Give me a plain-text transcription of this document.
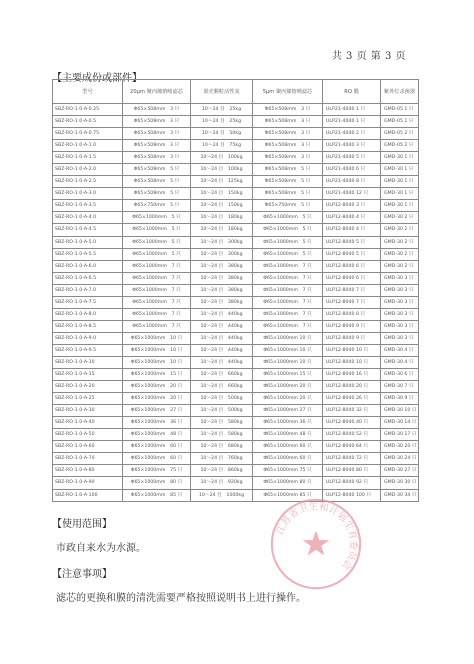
共 3 页 第 3 页
【主要成份或部件】
型号	20μm 聚丙烯熔喷滤芯	果壳颗粒活性炭	5μm 聚丙烯熔喷滤芯	RO 膜	紫外灯杀菌器
SBZ-RO-1.0-A-0.25	Φ65×508mm　3 只	10～24 目　25kg	Φ65×508mm　3 只	ULP21-4040 1 只	GMD-05 1 只
SBZ-RO-1.0-A-0.5	Φ65×508mm　3 只	10～24 目　25kg	Φ65×508mm　3 只	ULP21-4040 1 只	GMD-05 1 只
SBZ-RO-1.0-A-0.75	Φ65×508mm　3 只	10～24 目　50kg	Φ65×508mm　3 只	ULP21-4040 2 只	GMD-05 2 只
SBZ-RO-1.0-A-1.0	Φ65×508mm　3 只	10～24 目　75kg	Φ65×508mm　3 只	ULP21-4040 3 只	GMD-05 2 只
SBZ-RO-1.0-A-1.5	Φ65×508mm　3 只	10～24 目　100kg	Φ65×508mm　3 只	ULP21-4040 5 只	GMD-30 1 只
SBZ-RO-1.0-A-2.0	Φ65×508mm　5 只	10～24 目　100kg	Φ65×508mm　5 只	ULP21-4040 6 只	GMD-30 1 只
SBZ-RO-1.0-A-2.5	Φ65×508mm　5 只	10～24 目　125kg	Φ65×508mm　5 只	ULP21-4040 8 只	GMD-30 1 只
SBZ-RO-1.0-A-3.0	Φ65×508mm　5 只	10～24 目　150kg	Φ65×508mm　5 只	ULP21-4040 12 只	GMD-30 1 只
SBZ-RO-1.0-A-3.5	Φ65×750mm　5 只	10～24 目　150kg	Φ65×750mm　5 只	ULP12-8040 3 只	GMD-30 1 只
SBZ-RO-1.0-A-4.0	Φ65×1000mm　5 只	10～24 目　180kg	Φ65×1000mm　5 只	ULP12-8040 4 只	GMD-30 2 只
SBZ-RO-1.0-A-4.5	Φ65×1000mm　5 只	10～24 目　180kg	Φ65×1000mm　5 只	ULP12-8040 4 只	GMD-30 2 只
SBZ-RO-1.0-A-5.0	Φ65×1000mm　5 只	10～24 目　300kg	Φ65×1000mm　5 只	ULP12-8040 5 只	GMD-30 2 只
SBZ-RO-1.0-A-5.5	Φ65×1000mm　5 只	10～24 目　300kg	Φ65×1000mm　5 只	ULP12-8040 5 只	GMD-30 2 只
SBZ-RO-1.0-A-6.0	Φ65×1000mm　7 只	10～24 目　380kg	Φ65×1000mm　7 只	ULP12-8040 6 只	GMD-30 2 只
SBZ-RO-1.0-A-6.5	Φ65×1000mm　7 只	10～24 目　380kg	Φ65×1000mm　7 只	ULP12-8040 6 只	GMD-30 3 只
SBZ-RO-1.0-A-7.0	Φ65×1000mm　7 只	10～24 目　380kg	Φ65×1000mm　7 只	ULP12-8040 7 只	GMD-30 3 只
SBZ-RO-1.0-A-7.5	Φ65×1000mm　7 只	10～24 目　380kg	Φ65×1000mm　7 只	ULP12-8040 7 只	GMD-30 3 只
SBZ-RO-1.0-A-8.0	Φ65×1000mm　7 只	10～24 目　440kg	Φ65×1000mm　7 只	ULP12-8040 8 只	GMD-30 3 只
SBZ-RO-1.0-A-8.5	Φ65×1000mm　7 只	10～24 目　440kg	Φ65×1000mm　7 只	ULP12-8040 9 只	GMD-30 3 只
SBZ-RO-1.0-A-9.0	Φ65×1000mm　10 只	10～24 目　440kg	Φ65×1000mm 10 只	ULP12-8040 9 只	GMD-30 3 只
SBZ-RO-1.0-A-9.5	Φ65×1000mm　10 只	10～24 目　440kg	Φ65×1000mm 10 只	ULP12-8040 10 只	GMD-30 4 只
SBZ-RO-1.0-A-10	Φ65×1000mm　10 只	10～24 目　440kg	Φ65×1000mm 10 只	ULP12-8040 10 只	GMD-30 4 只
SBZ-RO-1.0-A-15	Φ65×1000mm　15 只	10～24 目　660kg	Φ65×1000mm 15 只	ULP12-8040 16 只	GMD-30 6 只
SBZ-RO-1.0-A-20	Φ65×1000mm　20 只	10～24 目　660kg	Φ65×1000mm 20 只	ULP12-8040 20 只	GMD-30 7 只
SBZ-RO-1.0-A-25	Φ65×1000mm　20 只	10～24 目　500kg	Φ65×1000mm 20 只	ULP12-8040 26 只	GMD-30 9 只
SBZ-RO-1.0-A-30	Φ65×1000mm　27 只	10～24 目　500kg	Φ65×1000mm 27 只	ULP12-8040 32 只	GMD-30 10 只
SBZ-RO-1.0-A-40	Φ65×1000mm　36 只	10～24 目　580kg	Φ65×1000mm 36 只	ULP12-8040 40 只	GMD-30 14 只
SBZ-RO-1.0-A-50	Φ65×1000mm　48 只	10～24 目　580kg	Φ65×1000mm 48 只	ULP12-8040 52 只	GMD-30 17 只
SBZ-RO-1.0-A-60	Φ65×1000mm　60 只	10～24 目　680kg	Φ65×1000mm 60 只	ULP12-8040 64 只	GMD-30 20 只
SBZ-RO-1.0-A-70	Φ65×1000mm　60 只	10～24 目　760kg	Φ65×1000mm 60 只	ULP12-8040 72 只	GMD-30 24 只
SBZ-RO-1.0-A-80	Φ65×1000mm　75 只	10～24 目　860kg	Φ65×1000mm 75 只	ULP12-8040 80 只	GMD-30 27 只
SBZ-RO-1.0-A-90	Φ65×1000mm　80 只	10～24 目　920kg	Φ65×1000mm 80 只	ULP12-8040 92 只	GMD-30 30 只
SBZ-RO-1.0-A-100	Φ65×1000mm　85 只	10～24 目　1000kg	Φ65×1000mm 85 只	ULP12-8040 100 只	GMD-30 34 只
【使用范围】
市政自来水为水源。
【注意事项】
滤芯的更换和膜的清洗需要严格按照说明书上进行操作。
江苏省卫生和计划生育委员会
